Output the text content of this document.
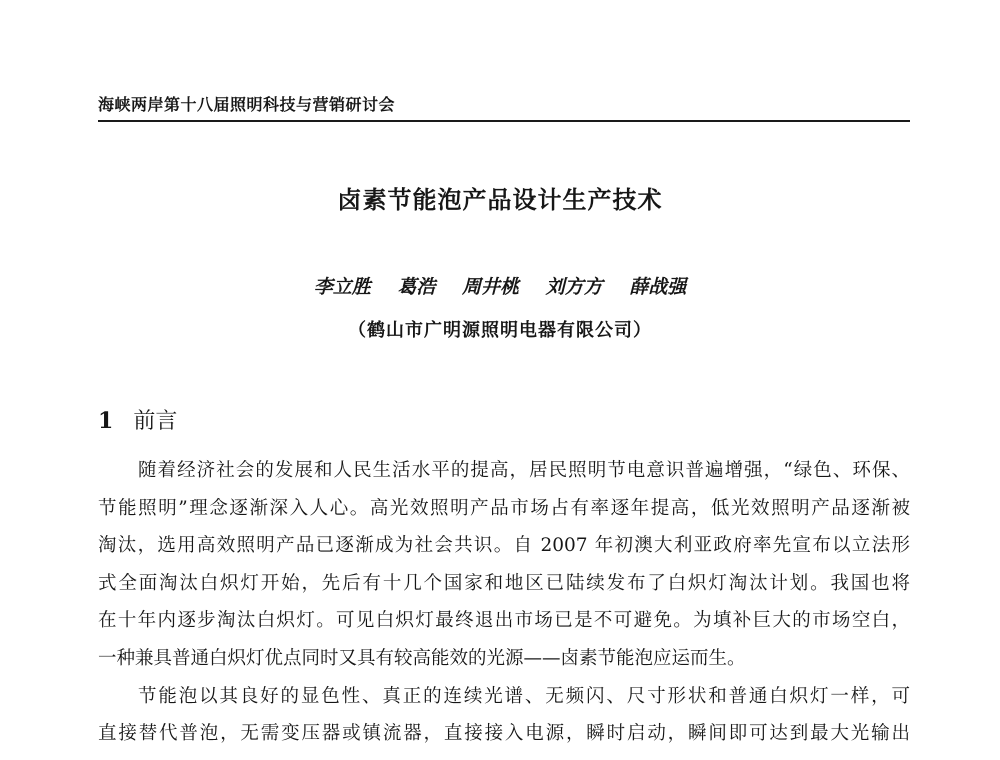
海峡两岸第十八届照明科技与营销研讨会
卤素节能泡产品设计生产技术
李立胜 葛浩 周井桃 刘方方 薛战强
（鹤山市广明源照明电器有限公司）
1 前言
随着经济社会的发展和人民生活水平的提高，居民照明节电意识普遍增强，“绿色、环保、
节能照明”理念逐渐深入人心。高光效照明产品市场占有率逐年提高，低光效照明产品逐渐被
淘汰，选用高效照明产品已逐渐成为社会共识。自 2007 年初澳大利亚政府率先宣布以立法形
式全面淘汰白炽灯开始，先后有十几个国家和地区已陆续发布了白炽灯淘汰计划。我国也将
在十年内逐步淘汰白炽灯。可见白炽灯最终退出市场已是不可避免。为填补巨大的市场空白，
一种兼具普通白炽灯优点同时又具有较高能效的光源——卤素节能泡应运而生。
节能泡以其良好的显色性、真正的连续光谱、无频闪、尺寸形状和普通白炽灯一样，可
直接替代普泡，无需变压器或镇流器，直接接入电源，瞬时启动，瞬间即可达到最大光输出
